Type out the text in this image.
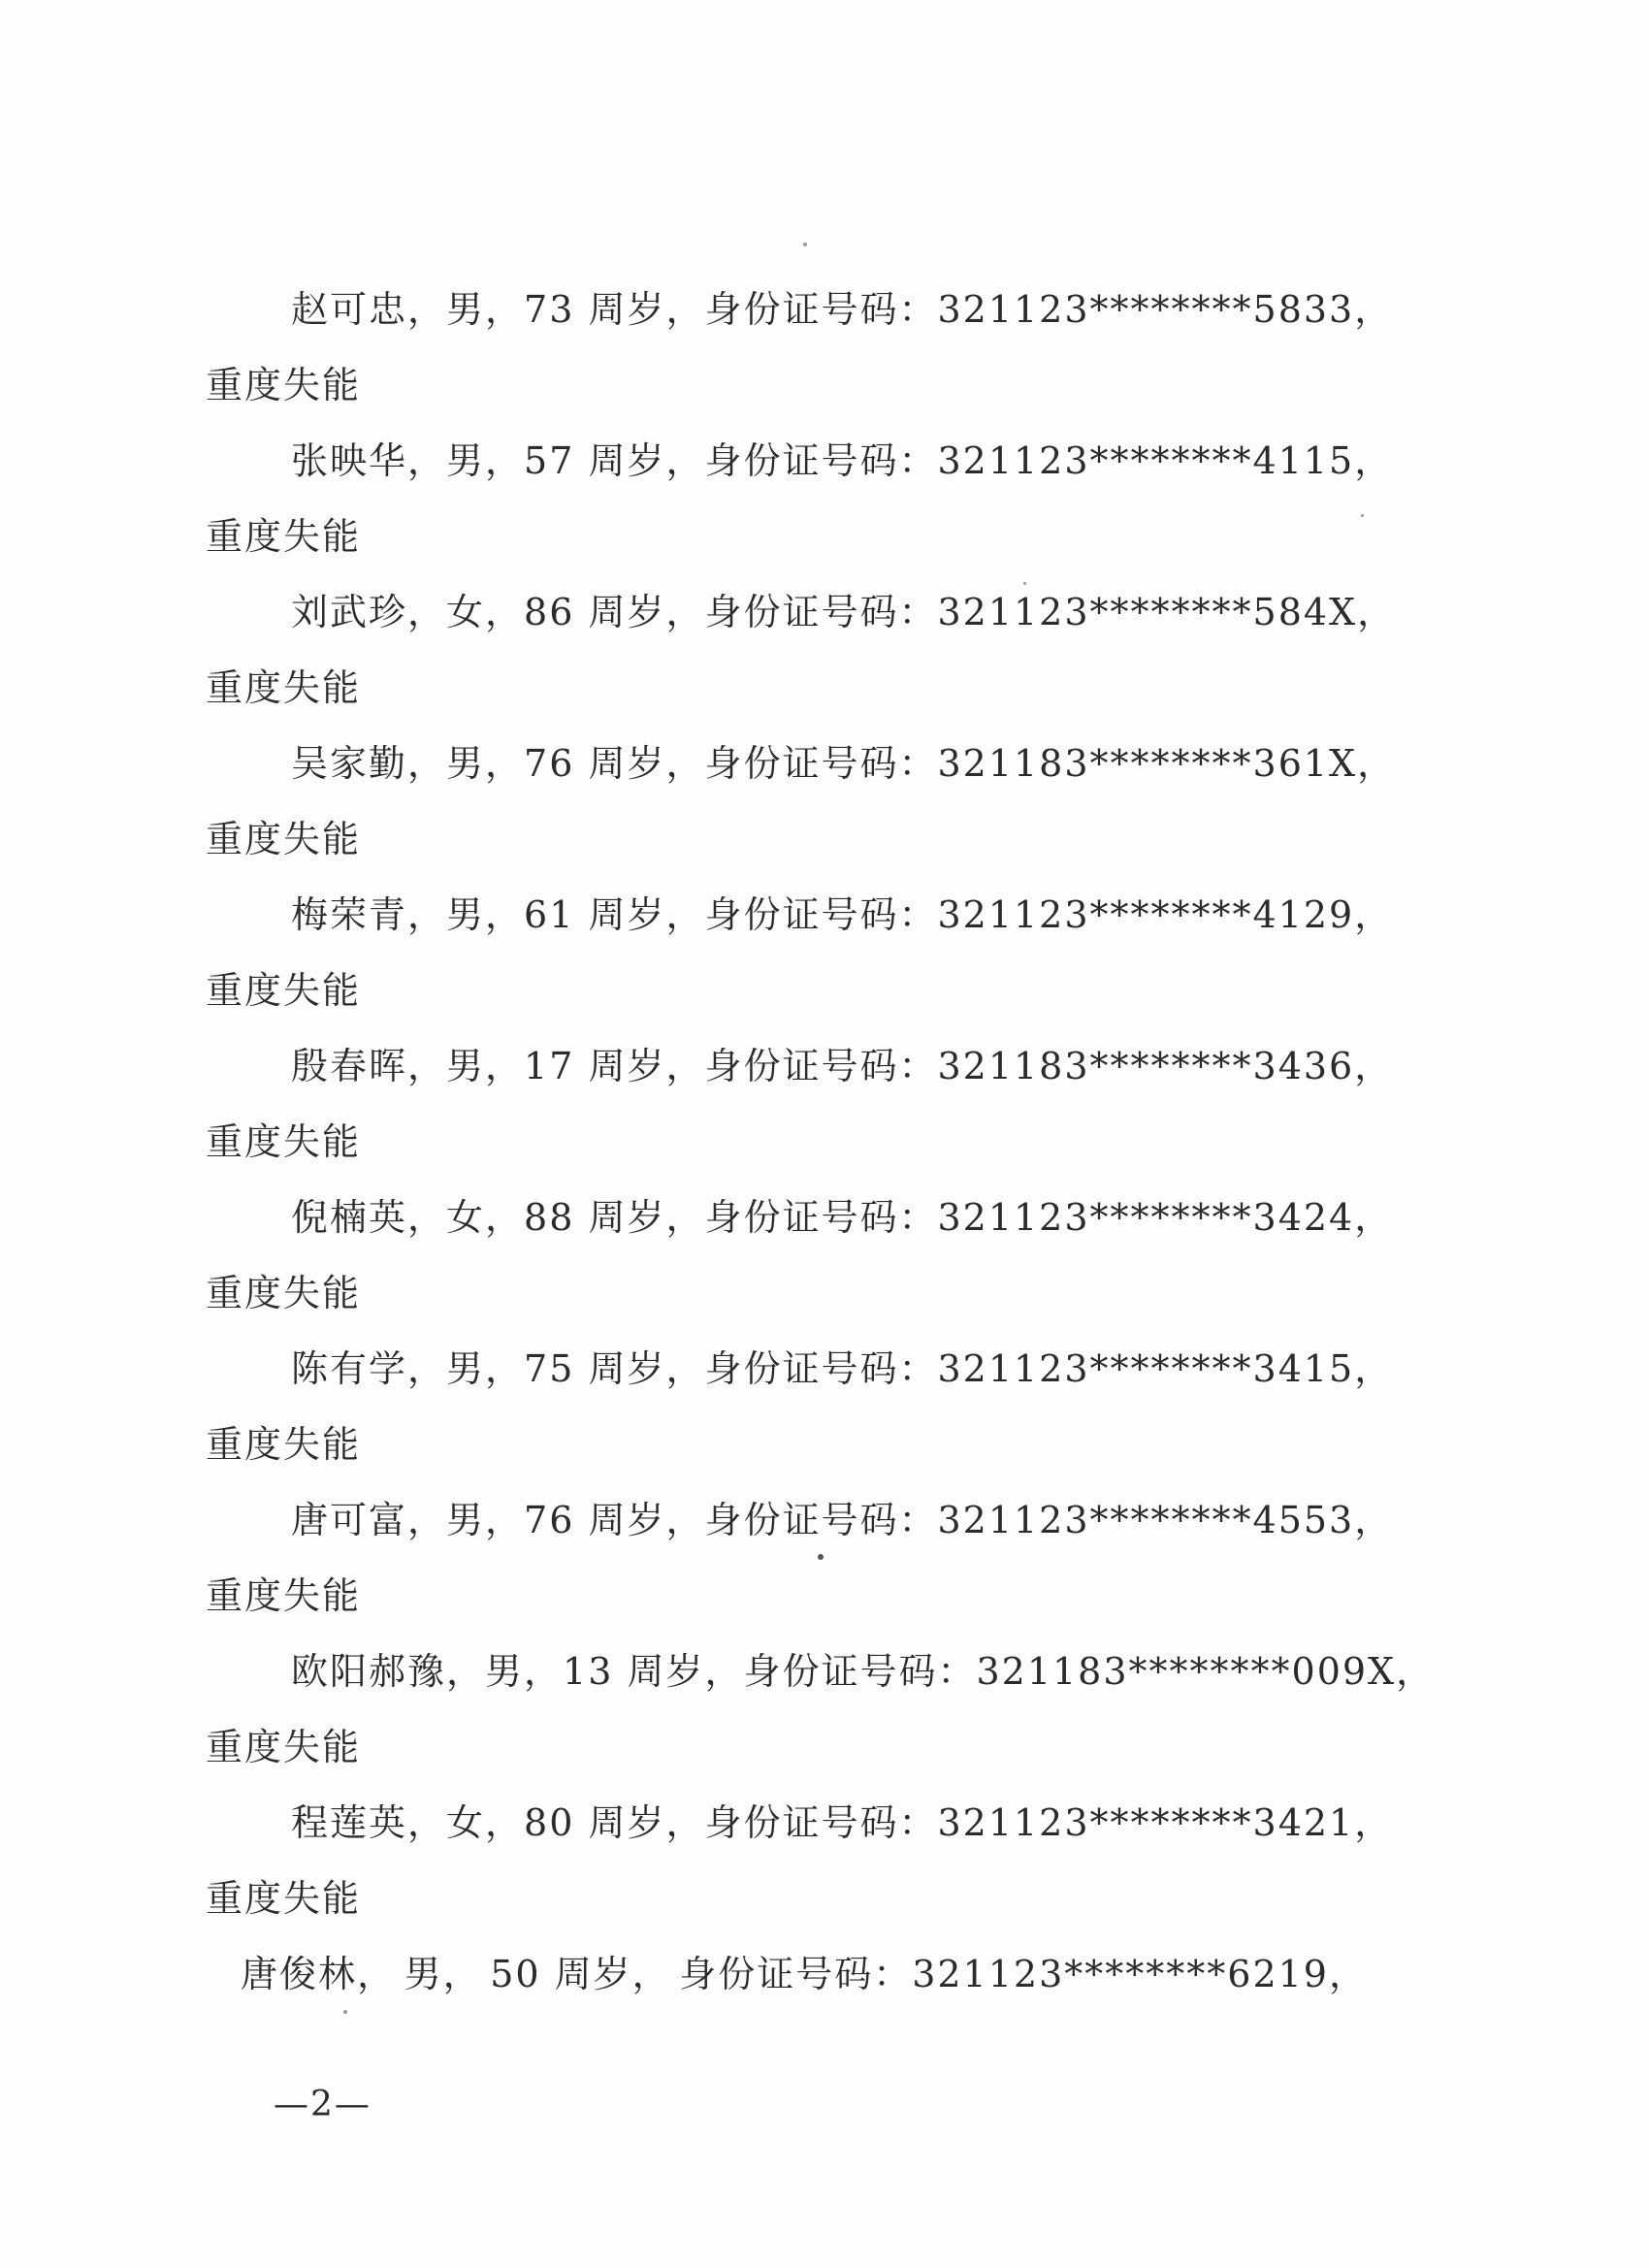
赵可忠， 男， 73 周岁， 身份证号码：321123********5833，
重度失能
张映华， 男， 57 周岁， 身份证号码：321123********4115，
重度失能
刘武珍， 女， 86 周岁， 身份证号码：321123********584X，
重度失能
吴家勤， 男， 76 周岁， 身份证号码：321183********361X，
重度失能
梅荣青， 男， 61 周岁， 身份证号码：321123********4129，
重度失能
殷春晖， 男， 17 周岁， 身份证号码：321183********3436，
重度失能
倪楠英， 女， 88 周岁， 身份证号码：321123********3424，
重度失能
陈有学， 男， 75 周岁， 身份证号码：321123********3415，
重度失能
唐可富， 男， 76 周岁， 身份证号码：321123********4553，
重度失能
欧阳郝豫， 男， 13 周岁， 身份证号码：321183********009X，
重度失能
程莲英， 女， 80 周岁， 身份证号码：321123********3421，
重度失能
唐俊林， 男， 50 周岁， 身份证号码：321123********6219，
—2—
